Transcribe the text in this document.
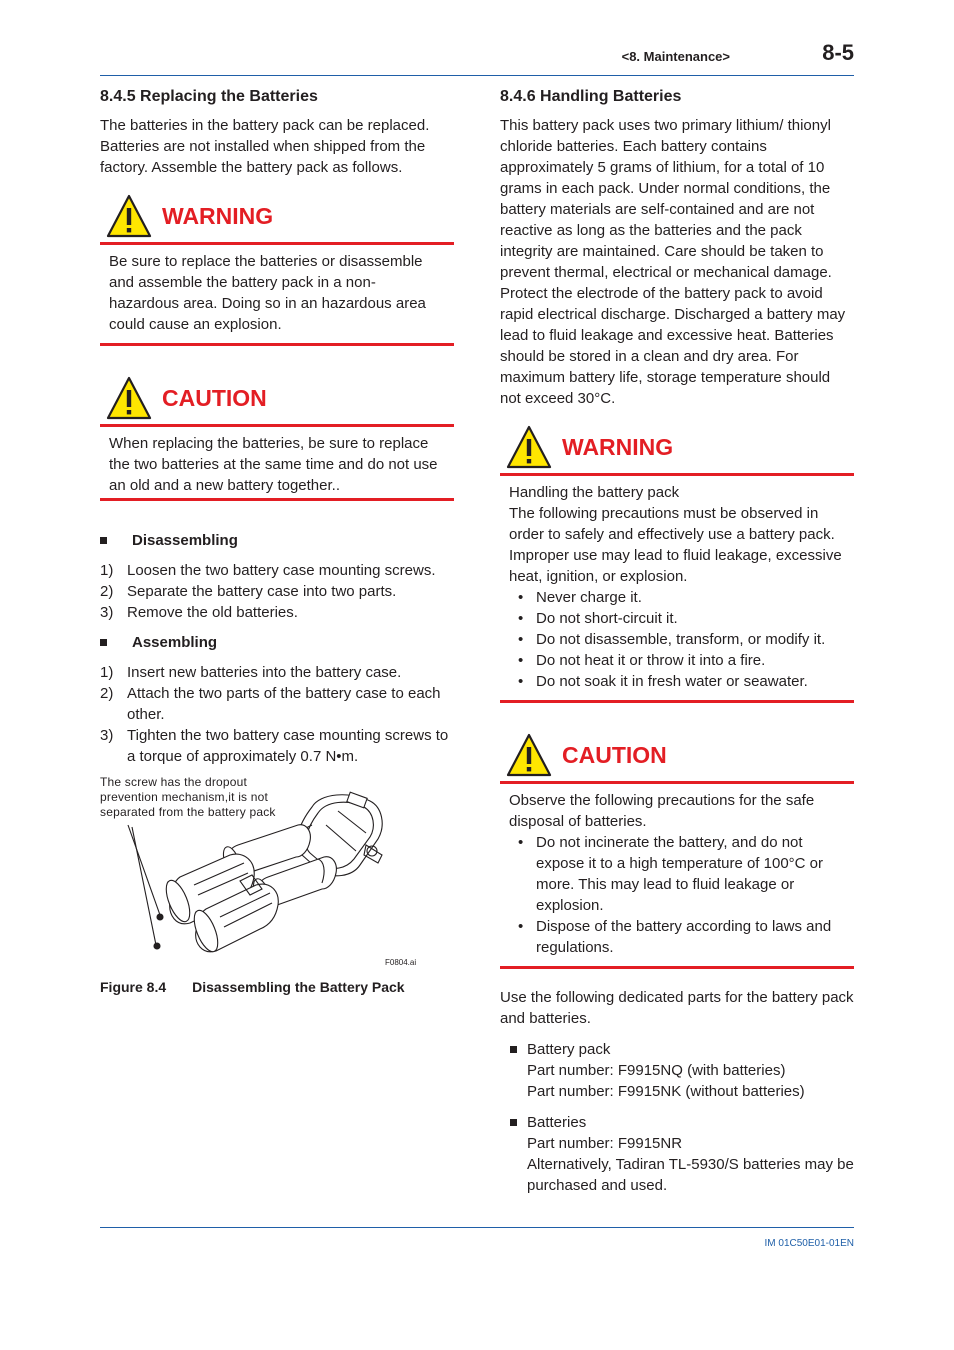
<8. Maintenance>	8-5
8.4.5 Replacing the Batteries

The batteries in the battery pack can be replaced. Batteries are not installed when shipped from the factory. Assemble the battery pack as follows.

WARNING

Be sure to replace the batteries or disassemble and assemble the battery pack in a non-hazardous area. Doing so in an hazardous area could cause an explosion.

CAUTION

When replacing the batteries, be sure to replace the two batteries at the same time and do not use an old and a new battery together..

Disassembling
1) Loosen the two battery case mounting screws.
2) Separate the battery case into two parts.
3) Remove the old batteries.
Assembling
1) Insert new batteries into the battery case.
2) Attach the two parts of the battery case to each other.
3) Tighten the two battery case mounting screws to a torque of approximately 0.7 N•m.
The screw has the dropout
prevention mechanism,it is not
separated from the battery pack
F0804.ai
Figure 8.4 Disassembling the Battery Pack
8.4.6 Handling Batteries

This battery pack uses two primary lithium/ thionyl chloride batteries. Each battery contains approximately 5 grams of lithium, for a total of 10 grams in each pack. Under normal conditions, the battery materials are self-contained and are not reactive as long as the batteries and the pack integrity are maintained. Care should be taken to prevent thermal, electrical or mechanical damage. Protect the electrode of the battery pack to avoid rapid electrical discharge. Discharged a battery may lead to fluid leakage and excessive heat. Batteries should be stored in a clean and dry area. For maximum battery life, storage temperature should not exceed 30°C.

WARNING

Handling the battery pack

The following precautions must be observed in order to safely and effectively use a battery pack. Improper use may lead to fluid leakage, excessive heat, ignition, or explosion.

• Never charge it.
• Do not short-circuit it.
• Do not disassemble, transform, or modify it.
• Do not heat it or throw it into a fire.
• Do not soak it in fresh water or seawater.
CAUTION

Observe the following precautions for the safe disposal of batteries.

• Do not incinerate the battery, and do not expose it to a high temperature of 100°C or more. This may lead to fluid leakage or explosion.
• Dispose of the battery according to laws and regulations.

Use the following dedicated parts for the battery pack and batteries.

Battery pack
Part number: F9915NQ (with batteries)
Part number: F9915NK (without batteries)
Batteries
Part number: F9915NR
Alternatively, Tadiran TL-5930/S batteries may be purchased and used.
IM 01C50E01-01EN
